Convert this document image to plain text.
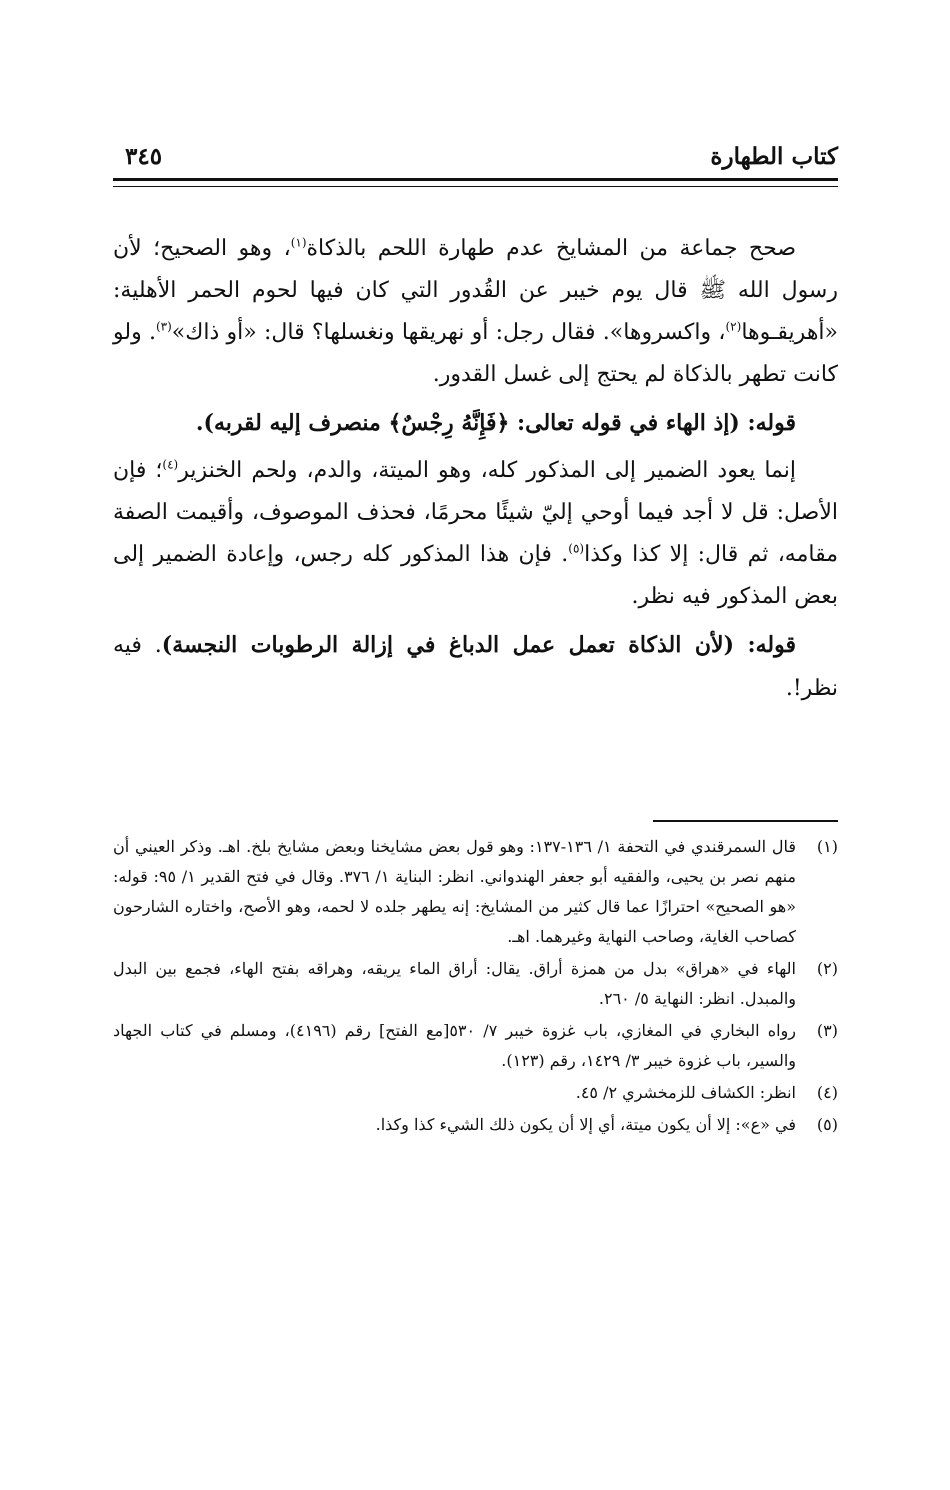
كتاب الطهارة
٣٤٥

صحح جماعة من المشايخ عدم طهارة اللحم بالذكاة$^{(١)}$، وهو الصحيح؛ لأن رسول الله ﷺ قال يوم خيبر عن القُدور التي كان فيها لحوم الحمر الأهلية: «أهريقـوها$^{(٢)}$، واكسروها». فقال رجل: أو نهريقها ونغسلها؟ قال: «أو ذاك»$^{(٣)}$. ولو كانت تطهر بالذكاة لم يحتج إلى غسل القدور.

قوله: (إذ الهاء في قوله تعالى: ﴿فَإِنَّهُ رِجْسٌ﴾ منصرف إليه لقربه).

إنما يعود الضمير إلى المذكور كله، وهو الميتة، والدم، ولحم الخنزير$^{(٤)}$؛ فإن الأصل: قل لا أجد فيما أوحي إليّ شيئًا محرمًا، فحذف الموصوف، وأقيمت الصفة مقامه، ثم قال: إلا كذا وكذا$^{(٥)}$. فإن هذا المذكور كله رجس، وإعادة الضمير إلى بعض المذكور فيه نظر.

قوله: (لأن الذكاة تعمل عمل الدباغ في إزالة الرطوبات النجسة). فيه نظر!.

(١)
قال السمرقندي في التحفة ١/ ١٣٦-١٣٧: وهو قول بعض مشايخنا وبعض مشايخ بلخ. اهـ. وذكر العيني أن منهم نصر بن يحيى، والفقيه أبو جعفر الهندواني. انظر: البناية ١/ ٣٧٦. وقال في فتح القدير ١/ ٩٥: قوله: «هو الصحيح» احترازًا عما قال كثير من المشايخ: إنه يطهر جلده لا لحمه، وهو الأصح، واختاره الشارحون كصاحب الغاية، وصاحب النهاية وغيرهما. اهـ.
(٢)
الهاء في «هراق» بدل من همزة أراق. يقال: أراق الماء يريقه، وهراقه بفتح الهاء، فجمع بين البدل والمبدل. انظر: النهاية ٥/ ٢٦٠.
(٣)
رواه البخاري في المغازي، باب غزوة خيبر ٧/ ٥٣٠[مع الفتح] رقم (٤١٩٦)، ومسلم في كتاب الجهاد والسير، باب غزوة خيبر ٣/ ١٤٢٩، رقم (١٢٣).
(٤)
انظر: الكشاف للزمخشري ٢/ ٤٥.
(٥)
في «ع»: إلا أن يكون ميتة، أي إلا أن يكون ذلك الشيء كذا وكذا.
